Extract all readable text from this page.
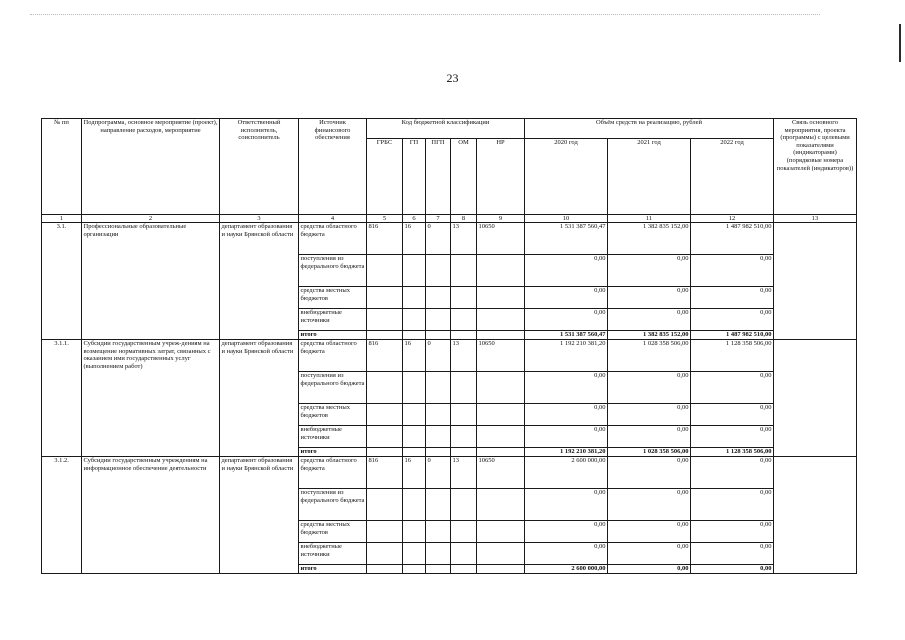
23
№ пп	Подпрограмма, основное мероприятие (проект), направление расходов, мероприятие	Ответственный исполнитель, соисполнитель	Источник финансового обеспечения	Код бюджетной классификации					Объём средств на реализацию, рублей			Связь основного мероприятия, проекта (программы) с целевыми показателями (индикаторами) (порядковые номера показателей (индикаторов))
				ГРБС	ГП	ПГП	ОМ	НР	2020 год	2021 год	2022 год	
1	2	3	4	5	6	7	8	9	10	11	12	13
3.1.	Профессиональные образовательные организации	департамент образования и науки Брянской области	средства областного бюджета	816	16	0	13	10650	1 531 387 560,47	1 382 835 152,00	1 487 982 510,00	
			поступления из федерального бюджета						0,00	0,00	0,00	
			средства местных бюджетов						0,00	0,00	0,00	
			внебюджетные источники						0,00	0,00	0,00	
			итого						1 531 387 560,47	1 382 835 152,00	1 487 982 510,00	
3.1.1.	Субсидии государственным учреж-дениям на возмещение нормативных затрат, связанных с оказанием ими государственных услуг (выполнением работ)	департамент образования и науки Брянской области	средства областного бюджета	816	16	0	13	10650	1 192 210 381,20	1 028 358 506,00	1 128 358 506,00	
			поступления из федерального бюджета						0,00	0,00	0,00	
			средства местных бюджетов						0,00	0,00	0,00	
			внебюджетные источники						0,00	0,00	0,00	
			итого						1 192 210 381,20	1 028 358 506,00	1 128 358 506,00	
3.1.2.	Субсидии государственным учреждениям на информационное обеспечение деятельности	департамент образования и науки Брянской области	средства областного бюджета	816	16	0	13	10650	2 600 000,00	0,00	0,00	
			поступления из федерального бюджета						0,00	0,00	0,00	
			средства местных бюджетов						0,00	0,00	0,00	
			внебюджетные источники						0,00	0,00	0,00	
			итого						2 600 000,00	0,00	0,00	
